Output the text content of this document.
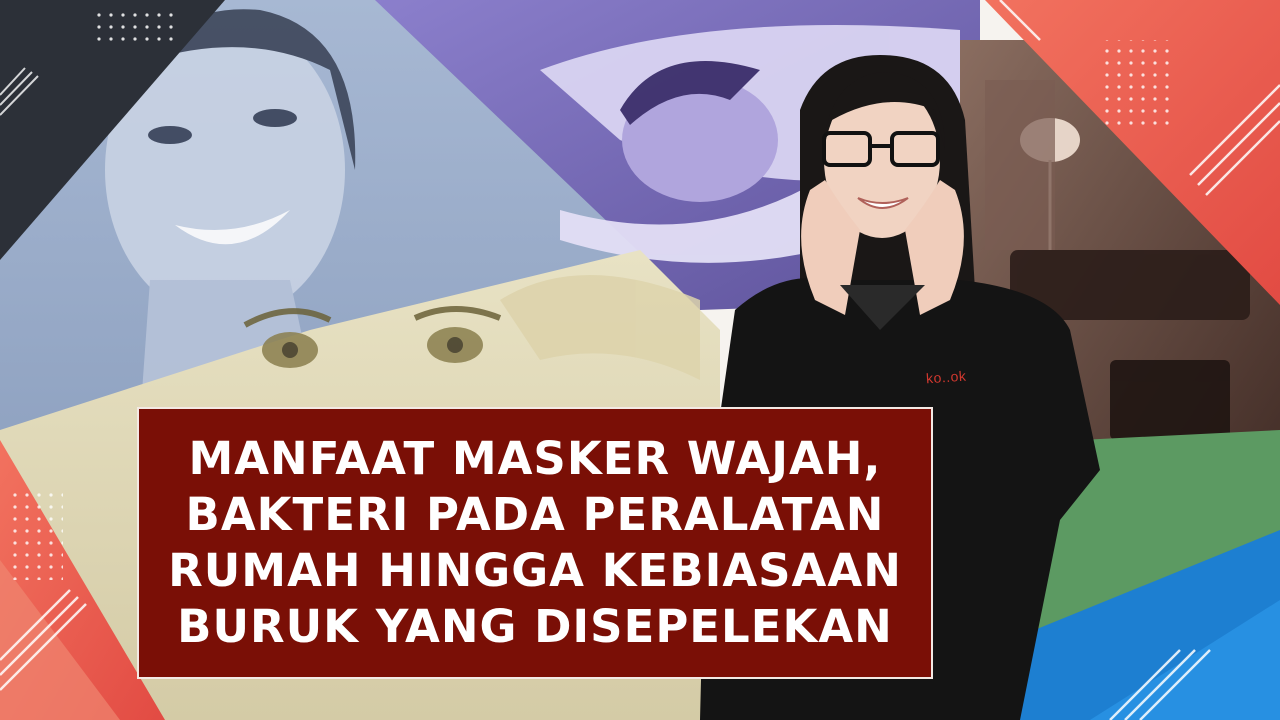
ko..ok
MANFAAT MASKER WAJAH,
BAKTERI PADA PERALATAN
RUMAH HINGGA KEBIASAAN
BURUK YANG DISEPELEKAN
